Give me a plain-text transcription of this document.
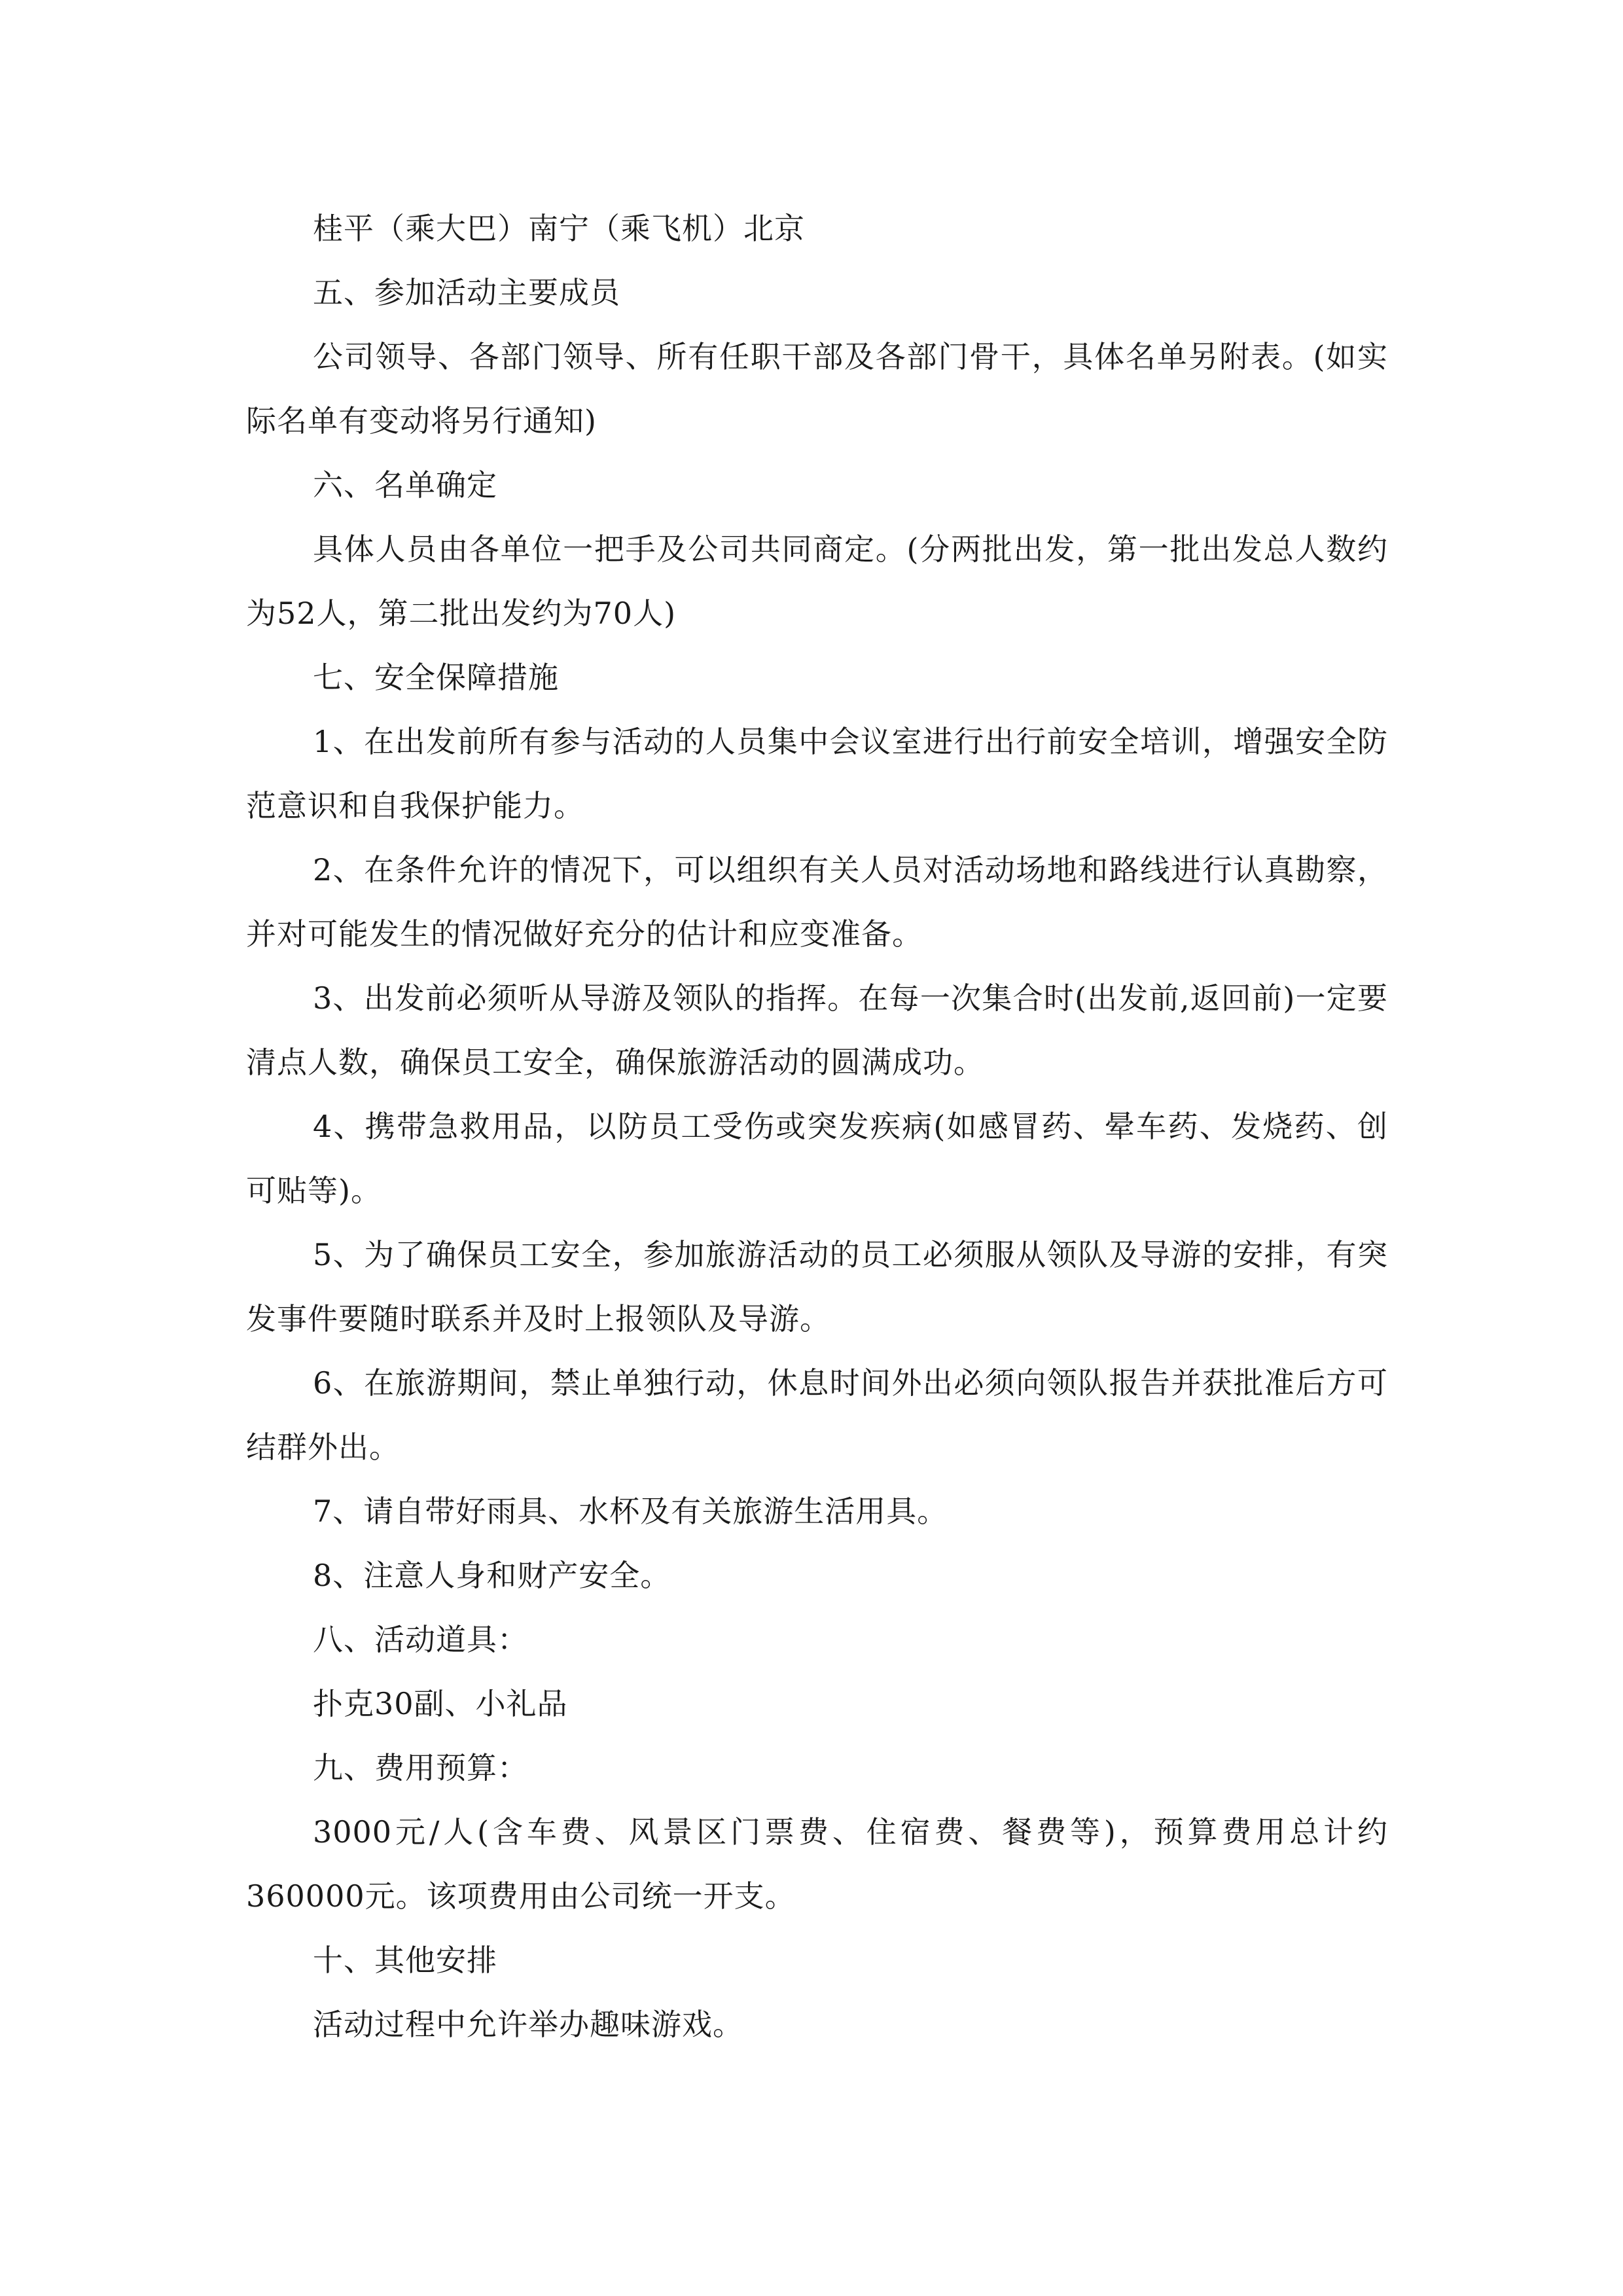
桂平（乘大巴）南宁（乘飞机）北京

五、参加活动主要成员

公司领导、各部门领导、所有任职干部及各部门骨干，具体名单另附表。(如实际名单有变动将另行通知)

六、名单确定

具体人员由各单位一把手及公司共同商定。(分两批出发，第一批出发总人数约为52人，第二批出发约为70人)

七、安全保障措施

1、在出发前所有参与活动的人员集中会议室进行出行前安全培训，增强安全防范意识和自我保护能力。

2、在条件允许的情况下，可以组织有关人员对活动场地和路线进行认真勘察，并对可能发生的情况做好充分的估计和应变准备。

3、出发前必须听从导游及领队的指挥。在每一次集合时(出发前,返回前)一定要清点人数，确保员工安全，确保旅游活动的圆满成功。

4、携带急救用品，以防员工受伤或突发疾病(如感冒药、晕车药、发烧药、创可贴等)。

5、为了确保员工安全，参加旅游活动的员工必须服从领队及导游的安排，有突发事件要随时联系并及时上报领队及导游。

6、在旅游期间，禁止单独行动，休息时间外出必须向领队报告并获批准后方可结群外出。

7、请自带好雨具、水杯及有关旅游生活用具。

8、注意人身和财产安全。

八、活动道具：

扑克30副、小礼品

九、费用预算：

3000元/人(含车费、风景区门票费、住宿费、餐费等)，预算费用总计约360000元。该项费用由公司统一开支。

十、其他安排

活动过程中允许举办趣味游戏。
